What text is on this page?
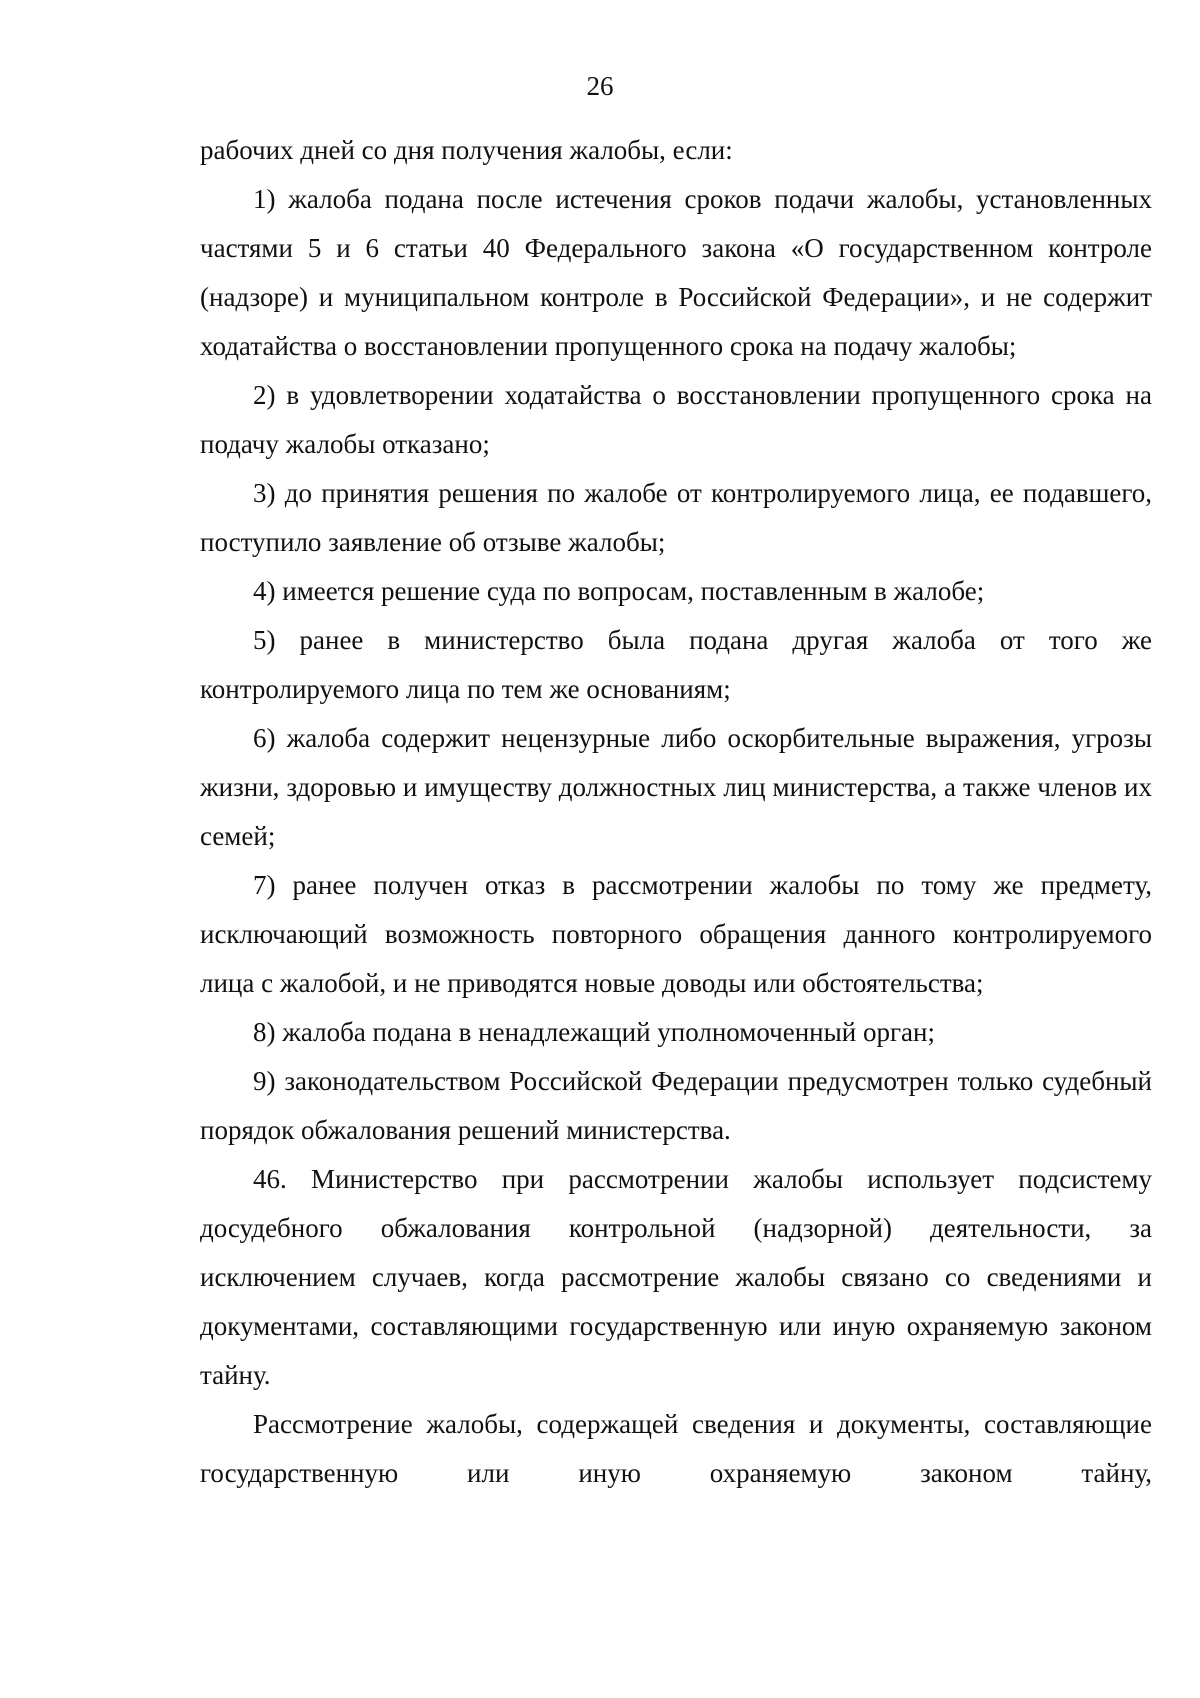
26

рабочих дней со дня получения жалобы, если:

1) жалоба подана после истечения сроков подачи жалобы, установленных частями 5 и 6 статьи 40 Федерального закона «О государственном контроле (надзоре) и муниципальном контроле в Российской Федерации», и не содержит ходатайства о восстановлении пропущенного срока на подачу жалобы;

2) в удовлетворении ходатайства о восстановлении пропущенного срока на подачу жалобы отказано;

3) до принятия решения по жалобе от контролируемого лица, ее подавшего, поступило заявление об отзыве жалобы;

4) имеется решение суда по вопросам, поставленным в жалобе;

5) ранее в министерство была подана другая жалоба от того же контролируемого лица по тем же основаниям;

6) жалоба содержит нецензурные либо оскорбительные выражения, угрозы жизни, здоровью и имуществу должностных лиц министерства, а также членов их семей;

7) ранее получен отказ в рассмотрении жалобы по тому же предмету, исключающий возможность повторного обращения данного контролируемого лица с жалобой, и не приводятся новые доводы или обстоятельства;

8) жалоба подана в ненадлежащий уполномоченный орган;

9) законодательством Российской Федерации предусмотрен только судебный порядок обжалования решений министерства.

46. Министерство при рассмотрении жалобы использует подсистему досудебного обжалования контрольной (надзорной) деятельности, за исключением случаев, когда рассмотрение жалобы связано со сведениями и документами, составляющими государственную или иную охраняемую законом тайну.

Рассмотрение жалобы, содержащей сведения и документы, составляющие государственную или иную охраняемую законом тайну,
